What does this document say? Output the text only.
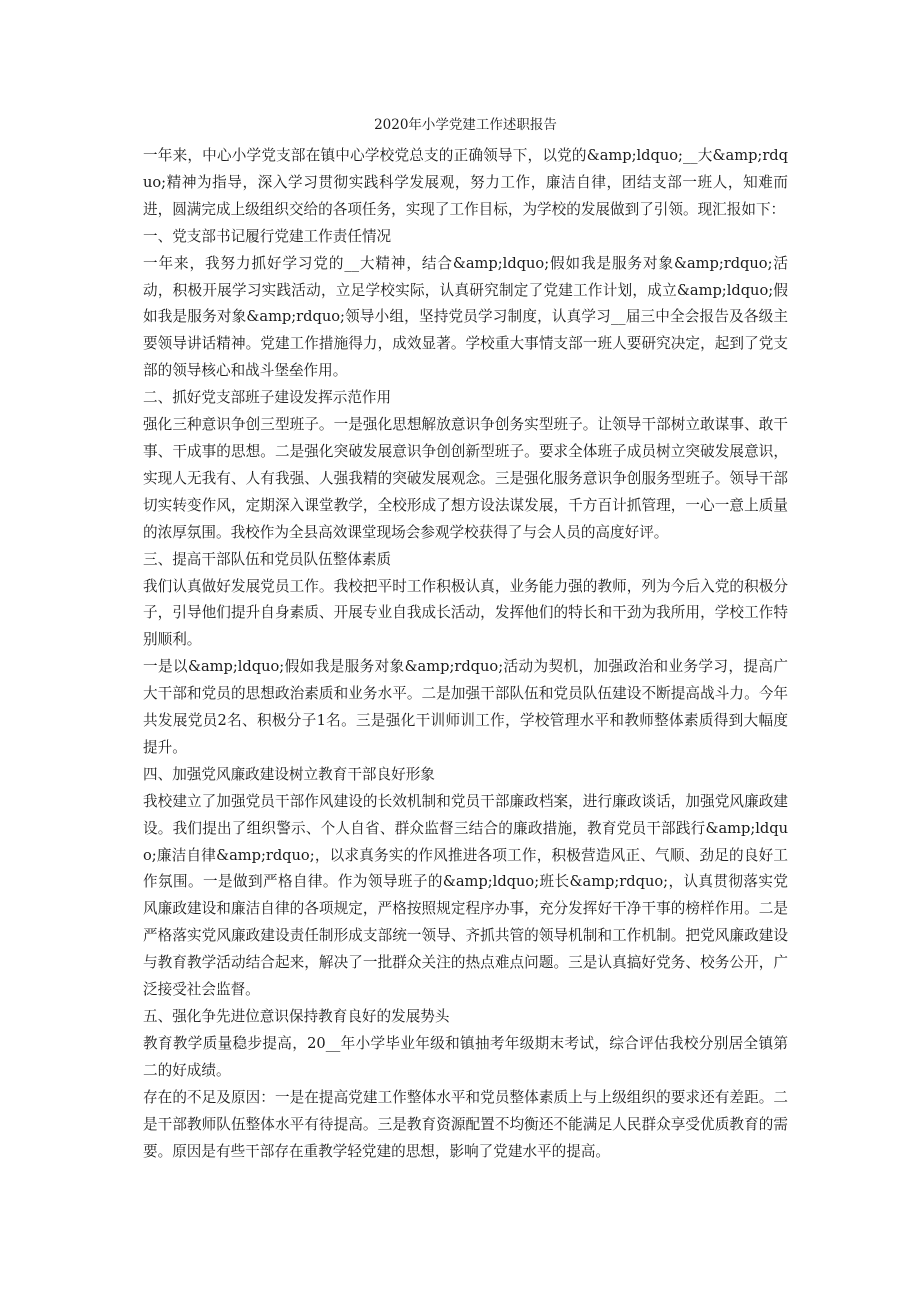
2020年小学党建工作述职报告

一年来，中心小学党支部在镇中心学校党总支的正确领导下，以党的&amp;ldquo;__大&amp;rdquo;精神为指导，深入学习贯彻实践科学发展观，努力工作，廉洁自律，团结支部一班人，知难而进，圆满完成上级组织交给的各项任务，实现了工作目标，为学校的发展做到了引领。现汇报如下：

一、党支部书记履行党建工作责任情况

一年来，我努力抓好学习党的__大精神，结合&amp;ldquo;假如我是服务对象&amp;rdquo;活动，积极开展学习实践活动，立足学校实际，认真研究制定了党建工作计划，成立&amp;ldquo;假如我是服务对象&amp;rdquo;领导小组，坚持党员学习制度，认真学习__届三中全会报告及各级主要领导讲话精神。党建工作措施得力，成效显著。学校重大事情支部一班人要研究决定，起到了党支部的领导核心和战斗堡垒作用。

二、抓好党支部班子建设发挥示范作用

强化三种意识争创三型班子。一是强化思想解放意识争创务实型班子。让领导干部树立敢谋事、敢干事、干成事的思想。二是强化突破发展意识争创创新型班子。要求全体班子成员树立突破发展意识，实现人无我有、人有我强、人强我精的突破发展观念。三是强化服务意识争创服务型班子。领导干部切实转变作风，定期深入课堂教学，全校形成了想方设法谋发展，千方百计抓管理，一心一意上质量的浓厚氛围。我校作为全县高效课堂现场会参观学校获得了与会人员的高度好评。

三、提高干部队伍和党员队伍整体素质

我们认真做好发展党员工作。我校把平时工作积极认真，业务能力强的教师，列为今后入党的积极分子，引导他们提升自身素质、开展专业自我成长活动，发挥他们的特长和干劲为我所用，学校工作特别顺利。

一是以&amp;ldquo;假如我是服务对象&amp;rdquo;活动为契机，加强政治和业务学习，提高广大干部和党员的思想政治素质和业务水平。二是加强干部队伍和党员队伍建设不断提高战斗力。今年共发展党员2名、积极分子1名。三是强化干训师训工作，学校管理水平和教师整体素质得到大幅度提升。

四、加强党风廉政建设树立教育干部良好形象

我校建立了加强党员干部作风建设的长效机制和党员干部廉政档案，进行廉政谈话，加强党风廉政建设。我们提出了组织警示、个人自省、群众监督三结合的廉政措施，教育党员干部践行&amp;ldquo;廉洁自律&amp;rdquo;，以求真务实的作风推进各项工作，积极营造风正、气顺、劲足的良好工作氛围。一是做到严格自律。作为领导班子的&amp;ldquo;班长&amp;rdquo;，认真贯彻落实党风廉政建设和廉洁自律的各项规定，严格按照规定程序办事，充分发挥好干净干事的榜样作用。二是严格落实党风廉政建设责任制形成支部统一领导、齐抓共管的领导机制和工作机制。把党风廉政建设与教育教学活动结合起来，解决了一批群众关注的热点难点问题。三是认真搞好党务、校务公开，广泛接受社会监督。

五、强化争先进位意识保持教育良好的发展势头

教育教学质量稳步提高，20__年小学毕业年级和镇抽考年级期末考试，综合评估我校分别居全镇第二的好成绩。

存在的不足及原因：一是在提高党建工作整体水平和党员整体素质上与上级组织的要求还有差距。二是干部教师队伍整体水平有待提高。三是教育资源配置不均衡还不能满足人民群众享受优质教育的需要。原因是有些干部存在重教学轻党建的思想，影响了党建水平的提高。
